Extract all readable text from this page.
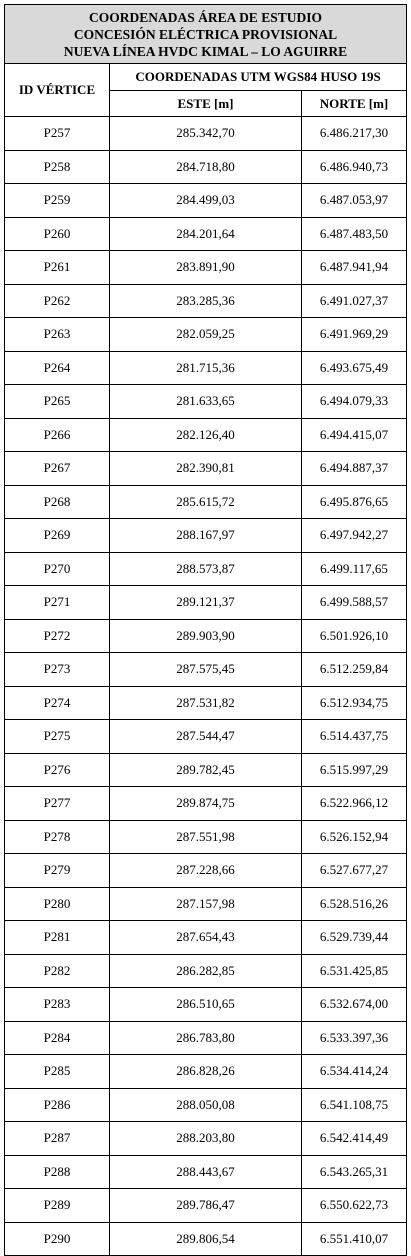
COORDENADAS ÁREA DE ESTUDIO
CONCESIÓN ELÉCTRICA PROVISIONAL
NUEVA LÍNEA HVDC KIMAL – LO AGUIRRE		

ID VÉRTICE	COORDENADAS UTM WGS84 HUSO 19S	
	ESTE [m]	NORTE [m]
P257	285.342,70	6.486.217,30
P258	284.718,80	6.486.940,73
P259	284.499,03	6.487.053,97
P260	284.201,64	6.487.483,50
P261	283.891,90	6.487.941,94
P262	283.285,36	6.491.027,37
P263	282.059,25	6.491.969,29
P264	281.715,36	6.493.675,49
P265	281.633,65	6.494.079,33
P266	282.126,40	6.494.415,07
P267	282.390,81	6.494.887,37
P268	285.615,72	6.495.876,65
P269	288.167,97	6.497.942,27
P270	288.573,87	6.499.117,65
P271	289.121,37	6.499.588,57
P272	289.903,90	6.501.926,10
P273	287.575,45	6.512.259,84
P274	287.531,82	6.512.934,75
P275	287.544,47	6.514.437,75
P276	289.782,45	6.515.997,29
P277	289.874,75	6.522.966,12
P278	287.551,98	6.526.152,94
P279	287.228,66	6.527.677,27
P280	287.157,98	6.528.516,26
P281	287.654,43	6.529.739,44
P282	286.282,85	6.531.425,85
P283	286.510,65	6.532.674,00
P284	286.783,80	6.533.397,36
P285	286.828,26	6.534.414,24
P286	288.050,08	6.541.108,75
P287	288.203,80	6.542.414,49
P288	288.443,67	6.543.265,31
P289	289.786,47	6.550.622,73
P290	289.806,54	6.551.410,07
